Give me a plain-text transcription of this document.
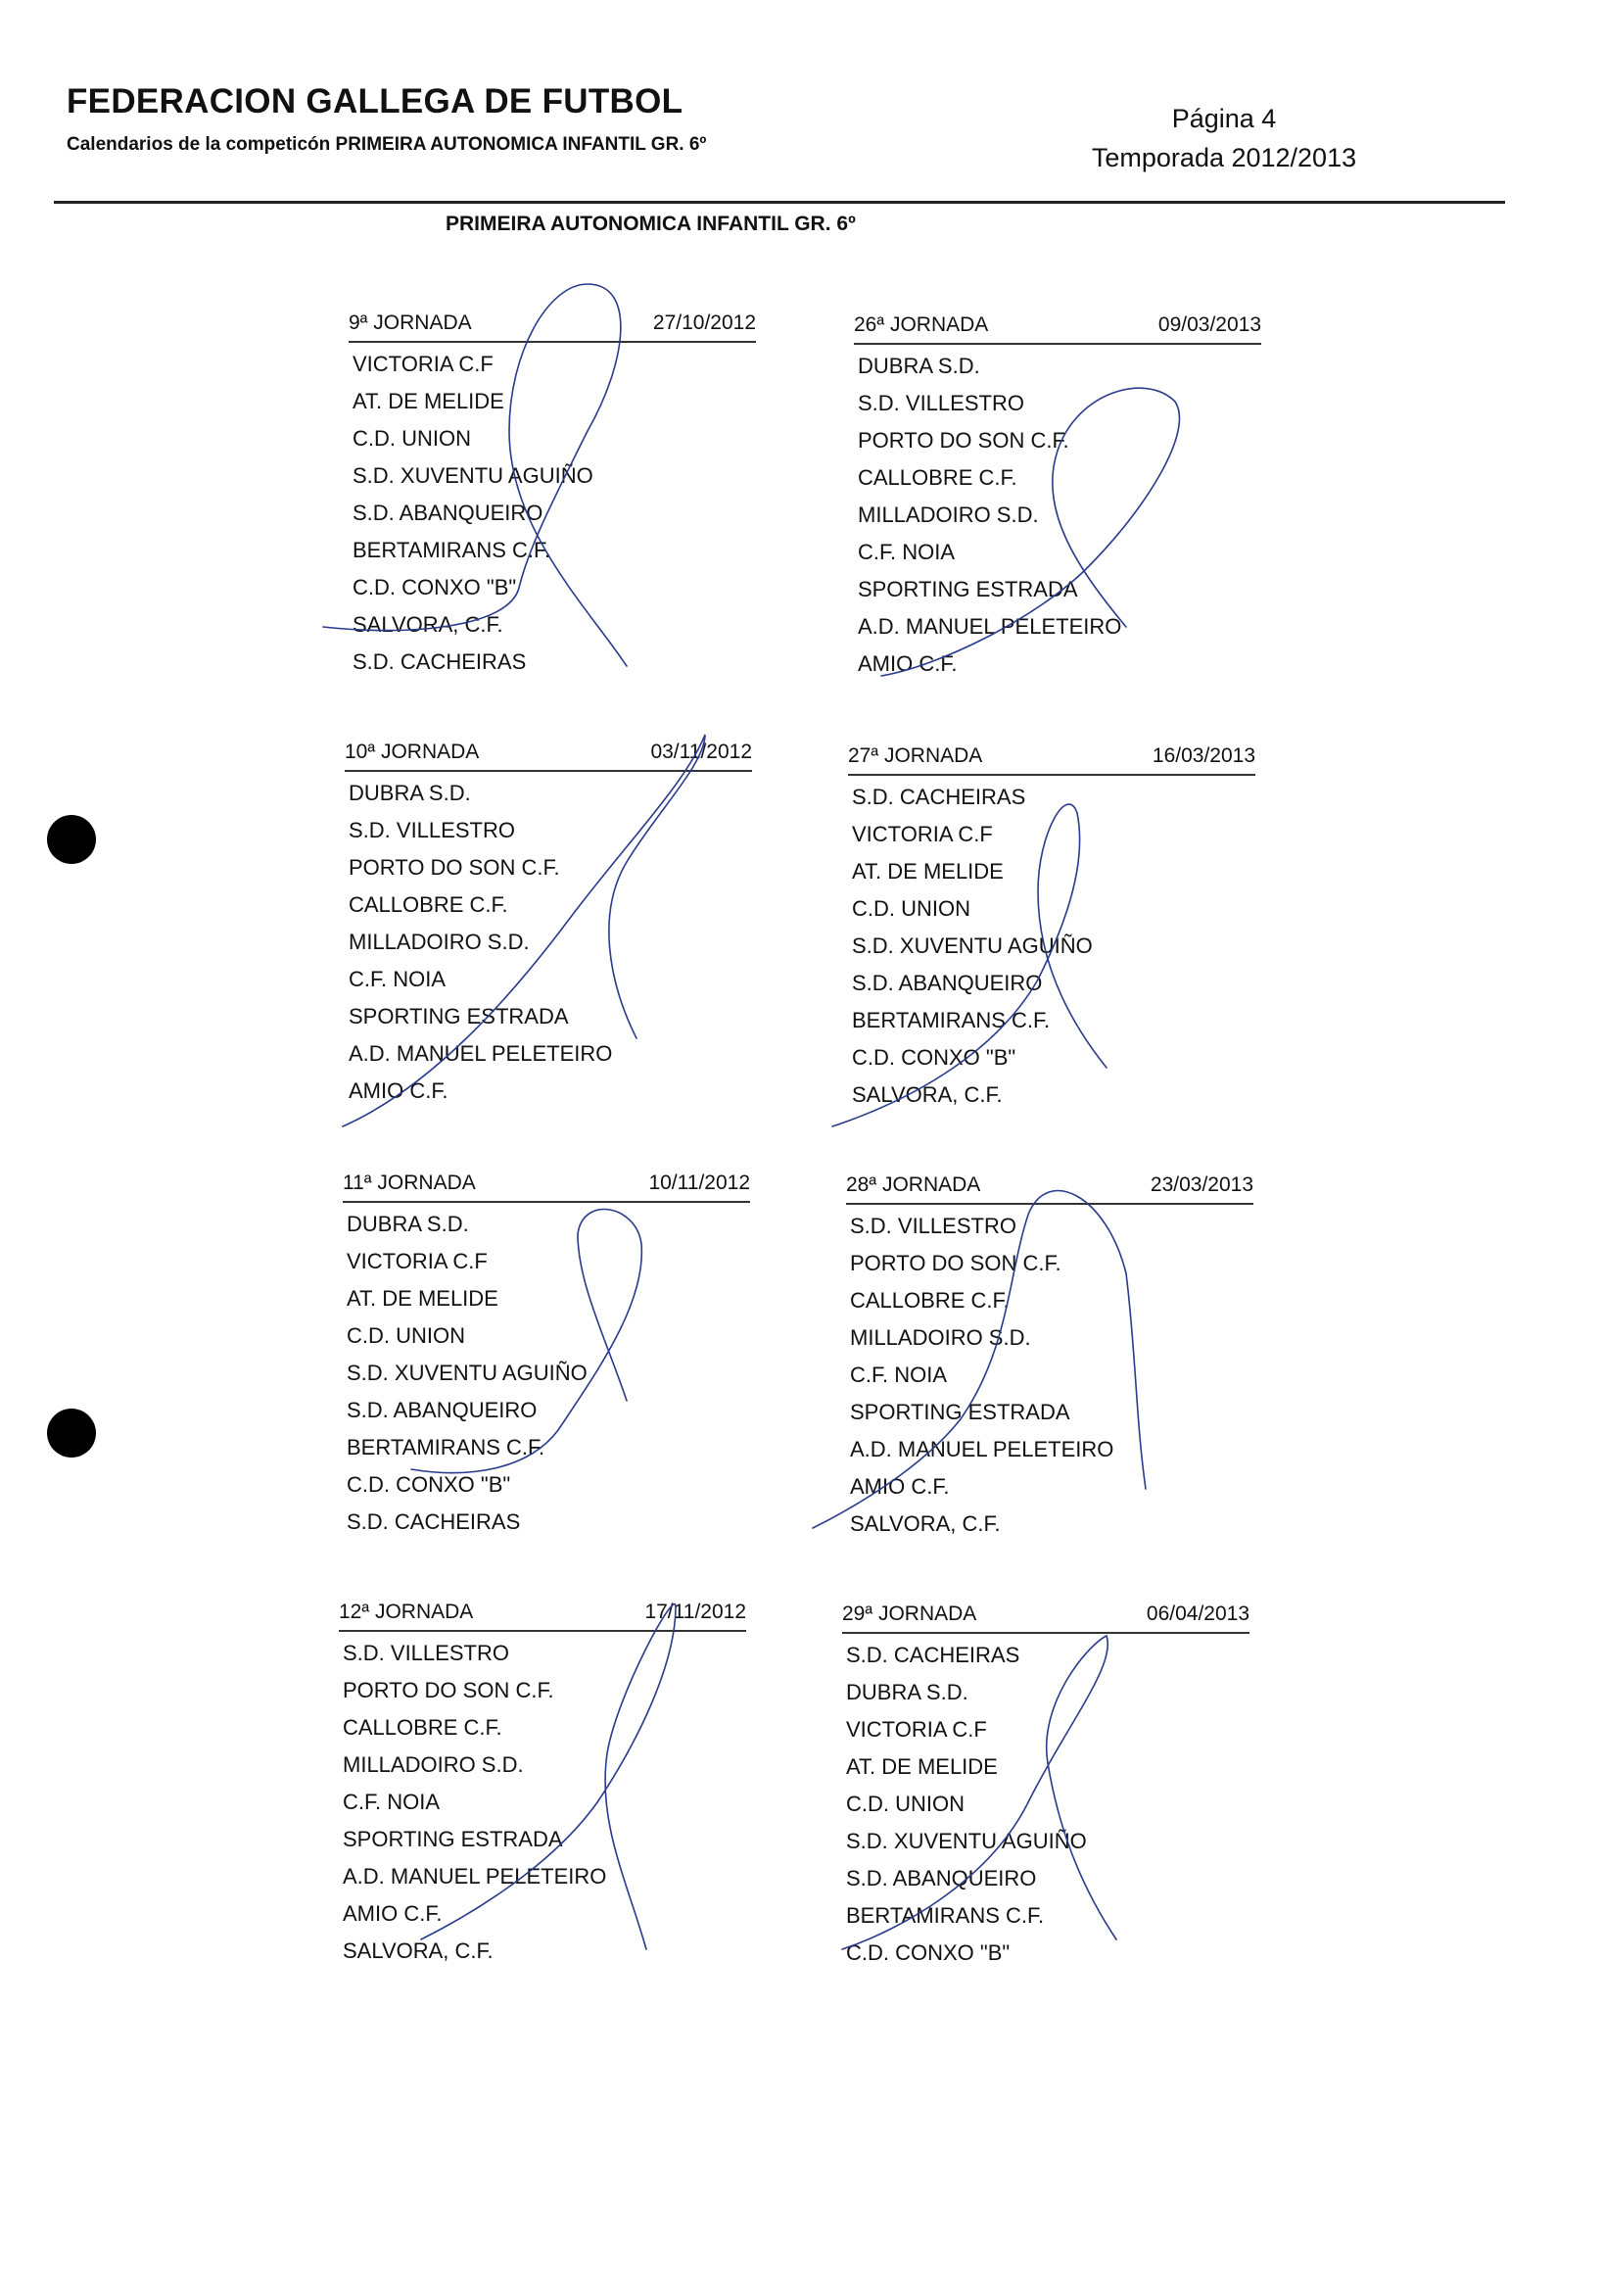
FEDERACION GALLEGA DE FUTBOL
Calendarios de la competicón PRIMEIRA AUTONOMICA INFANTIL GR. 6º
Página 4
Temporada 2012/2013
PRIMEIRA AUTONOMICA INFANTIL GR. 6º
9ª JORNADA	27/10/2012
VICTORIA C.F
AT. DE MELIDE
C.D. UNION
S.D. XUVENTU AGUIÑO
S.D. ABANQUEIRO
BERTAMIRANS C.F.
C.D. CONXO "B"
SALVORA, C.F.
S.D. CACHEIRAS
26ª JORNADA	09/03/2013
DUBRA S.D.
S.D. VILLESTRO
PORTO DO SON C.F.
CALLOBRE C.F.
MILLADOIRO S.D.
C.F. NOIA
SPORTING ESTRADA
A.D. MANUEL PELETEIRO
AMIO C.F.
10ª JORNADA	03/11/2012
DUBRA S.D.
S.D. VILLESTRO
PORTO DO SON C.F.
CALLOBRE C.F.
MILLADOIRO S.D.
C.F. NOIA
SPORTING ESTRADA
A.D. MANUEL PELETEIRO
AMIO C.F.
27ª JORNADA	16/03/2013
S.D. CACHEIRAS
VICTORIA C.F
AT. DE MELIDE
C.D. UNION
S.D. XUVENTU AGUIÑO
S.D. ABANQUEIRO
BERTAMIRANS C.F.
C.D. CONXO "B"
SALVORA, C.F.
11ª JORNADA	10/11/2012
DUBRA S.D.
VICTORIA C.F
AT. DE MELIDE
C.D. UNION
S.D. XUVENTU AGUIÑO
S.D. ABANQUEIRO
BERTAMIRANS C.F.
C.D. CONXO "B"
S.D. CACHEIRAS
28ª JORNADA	23/03/2013
S.D. VILLESTRO
PORTO DO SON C.F.
CALLOBRE C.F.
MILLADOIRO S.D.
C.F. NOIA
SPORTING ESTRADA
A.D. MANUEL PELETEIRO
AMIO C.F.
SALVORA, C.F.
12ª JORNADA	17/11/2012
S.D. VILLESTRO
PORTO DO SON C.F.
CALLOBRE C.F.
MILLADOIRO S.D.
C.F. NOIA
SPORTING ESTRADA
A.D. MANUEL PELETEIRO
AMIO C.F.
SALVORA, C.F.
29ª JORNADA	06/04/2013
S.D. CACHEIRAS
DUBRA S.D.
VICTORIA C.F
AT. DE MELIDE
C.D. UNION
S.D. XUVENTU AGUIÑO
S.D. ABANQUEIRO
BERTAMIRANS C.F.
C.D. CONXO "B"
